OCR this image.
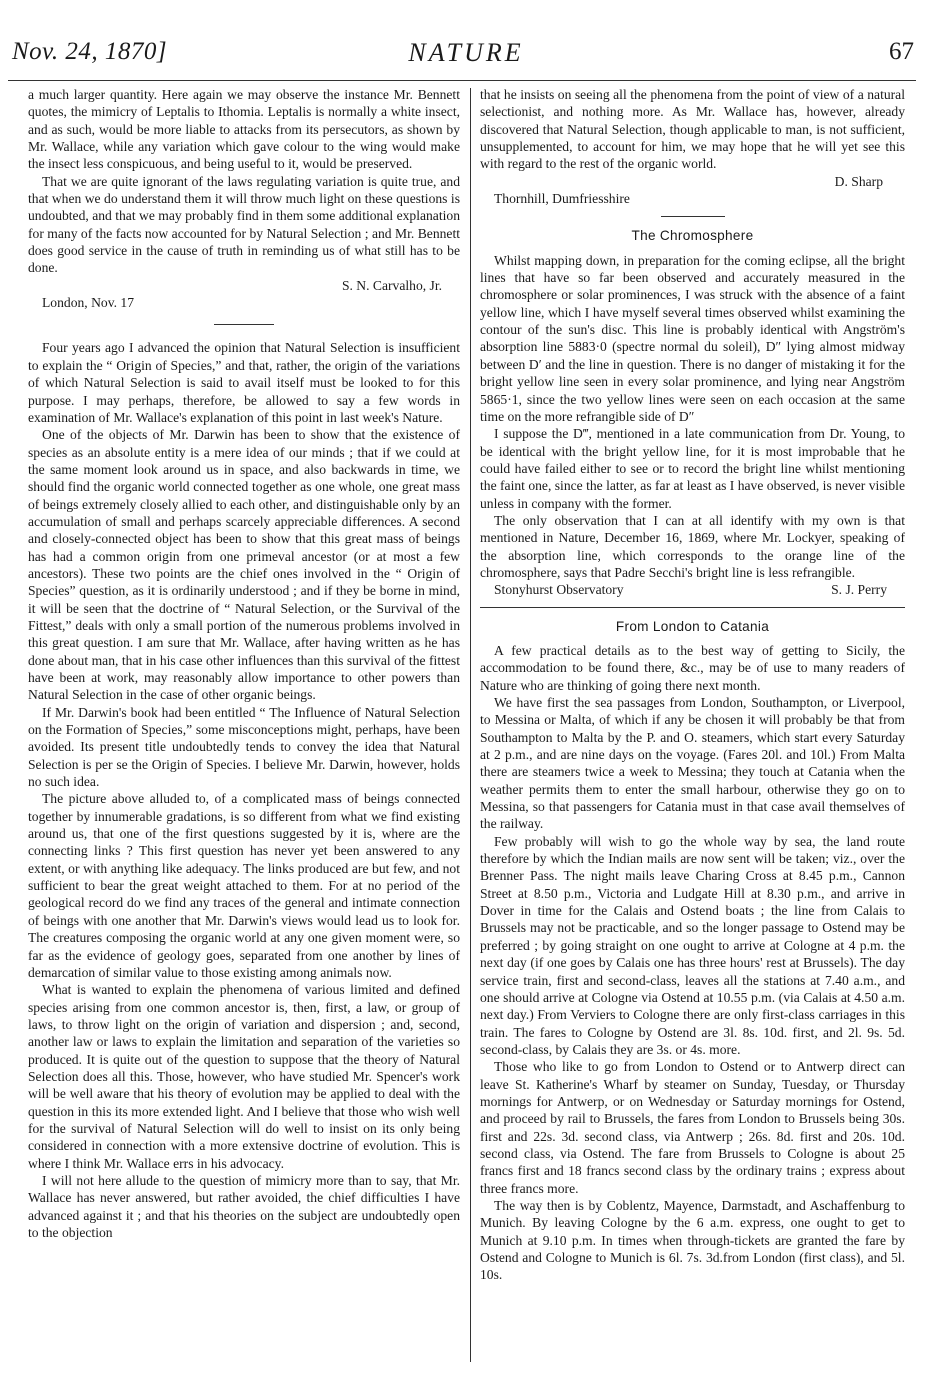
Nov. 24, 1870]	NATURE	67

a much larger quantity. Here again we may observe the instance Mr. Bennett quotes, the mimicry of Leptalis to Ithomia. Leptalis is normally a white insect, and as such, would be more liable to attacks from its persecutors, as shown by Mr. Wallace, while any variation which gave colour to the wing would make the insect less conspicuous, and being useful to it, would be preserved.

That we are quite ignorant of the laws regulating variation is quite true, and that when we do understand them it will throw much light on these questions is undoubted, and that we may probably find in them some additional explanation for many of the facts now accounted for by Natural Selection ; and Mr. Bennett does good service in the cause of truth in reminding us of what still has to be done.

S. N. Carvalho, Jr.

London, Nov. 17

Four years ago I advanced the opinion that Natural Selection is insufficient to explain the “ Origin of Species,” and that, rather, the origin of the variations of which Natural Selection is said to avail itself must be looked to for this purpose. I may perhaps, therefore, be allowed to say a few words in examination of Mr. Wallace's explanation of this point in last week's Nature.

One of the objects of Mr. Darwin has been to show that the existence of species as an absolute entity is a mere idea of our minds ; that if we could at the same moment look around us in space, and also backwards in time, we should find the organic world connected together as one whole, one great mass of beings extremely closely allied to each other, and distinguishable only by an accumulation of small and perhaps scarcely appreciable differences. A second and closely-connected object has been to show that this great mass of beings has had a common origin from one primeval ancestor (or at most a few ancestors). These two points are the chief ones involved in the “ Origin of Species” question, as it is ordinarily understood ; and if they be borne in mind, it will be seen that the doctrine of “ Natural Selection, or the Survival of the Fittest,” deals with only a small portion of the numerous problems involved in this great question. I am sure that Mr. Wallace, after having written as he has done about man, that in his case other influences than this survival of the fittest have been at work, may reasonably allow importance to other powers than Natural Selection in the case of other organic beings.

If Mr. Darwin's book had been entitled “ The Influence of Natural Selection on the Formation of Species,” some misconceptions might, perhaps, have been avoided. Its present title undoubtedly tends to convey the idea that Natural Selection is per se the Origin of Species. I believe Mr. Darwin, however, holds no such idea.

The picture above alluded to, of a complicated mass of beings connected together by innumerable gradations, is so different from what we find existing around us, that one of the first questions suggested by it is, where are the connecting links ? This first question has never yet been answered to any extent, or with anything like adequacy. The links produced are but few, and not sufficient to bear the great weight attached to them. For at no period of the geological record do we find any traces of the general and intimate connection of beings with one another that Mr. Darwin's views would lead us to look for. The creatures composing the organic world at any one given moment were, so far as the evidence of geology goes, separated from one another by lines of demarcation of similar value to those existing among animals now.

What is wanted to explain the phenomena of various limited and defined species arising from one common ancestor is, then, first, a law, or group of laws, to throw light on the origin of variation and dispersion ; and, second, another law or laws to explain the limitation and separation of the varieties so produced. It is quite out of the question to suppose that the theory of Natural Selection does all this. Those, however, who have studied Mr. Spencer's work will be well aware that his theory of evolution may be applied to deal with the question in this its more extended light. And I believe that those who wish well for the survival of Natural Selection will do well to insist on its only being considered in connection with a more extensive doctrine of evolution. This is where I think Mr. Wallace errs in his advocacy.

I will not here allude to the question of mimicry more than to say, that Mr. Wallace has never answered, but rather avoided, the chief difficulties I have advanced against it ; and that his theories on the subject are undoubtedly open to the objection

that he insists on seeing all the phenomena from the point of view of a natural selectionist, and nothing more. As Mr. Wallace has, however, already discovered that Natural Selection, though applicable to man, is not sufficient, unsupplemented, to account for him, we may hope that he will yet see this with regard to the rest of the organic world.

D. Sharp

Thornhill, Dumfriesshire

The Chromosphere

Whilst mapping down, in preparation for the coming eclipse, all the bright lines that have so far been observed and accurately measured in the chromosphere or solar prominences, I was struck with the absence of a faint yellow line, which I have myself several times observed whilst examining the contour of the sun's disc. This line is probably identical with Angström's absorption line 5883·0 (spectre normal du soleil), D″ lying almost midway between D′ and the line in question. There is no danger of mistaking it for the bright yellow line seen in every solar prominence, and lying near Angström 5865·1, since the two yellow lines were seen on each occasion at the same time on the more refrangible side of D″

I suppose the D‴, mentioned in a late communication from Dr. Young, to be identical with the bright yellow line, for it is most improbable that he could have failed either to see or to record the bright line whilst mentioning the faint one, since the latter, as far at least as I have observed, is never visible unless in company with the former.

The only observation that I can at all identify with my own is that mentioned in Nature, December 16, 1869, where Mr. Lockyer, speaking of the absorption line, which corresponds to the orange line of the chromosphere, says that Padre Secchi's bright line is less refrangible.

Stonyhurst Observatory	S. J. Perry

From London to Catania

A few practical details as to the best way of getting to Sicily, the accommodation to be found there, &c., may be of use to many readers of Nature who are thinking of going there next month.

We have first the sea passages from London, Southampton, or Liverpool, to Messina or Malta, of which if any be chosen it will probably be that from Southampton to Malta by the P. and O. steamers, which start every Saturday at 2 p.m., and are nine days on the voyage. (Fares 20l. and 10l.) From Malta there are steamers twice a week to Messina; they touch at Catania when the weather permits them to enter the small harbour, otherwise they go on to Messina, so that passengers for Catania must in that case avail themselves of the railway.

Few probably will wish to go the whole way by sea, the land route therefore by which the Indian mails are now sent will be taken; viz., over the Brenner Pass. The night mails leave Charing Cross at 8.45 p.m., Cannon Street at 8.50 p.m., Victoria and Ludgate Hill at 8.30 p.m., and arrive in Dover in time for the Calais and Ostend boats ; the line from Calais to Brussels may not be practicable, and so the longer passage to Ostend may be preferred ; by going straight on one ought to arrive at Cologne at 4 p.m. the next day (if one goes by Calais one has three hours' rest at Brussels). The day service train, first and second-class, leaves all the stations at 7.40 a.m., and one should arrive at Cologne via Ostend at 10.55 p.m. (via Calais at 4.50 a.m. next day.) From Verviers to Cologne there are only first-class carriages in this train. The fares to Cologne by Ostend are 3l. 8s. 10d. first, and 2l. 9s. 5d. second-class, by Calais they are 3s. or 4s. more.

Those who like to go from London to Ostend or to Antwerp direct can leave St. Katherine's Wharf by steamer on Sunday, Tuesday, or Thursday mornings for Antwerp, or on Wednesday or Saturday mornings for Ostend, and proceed by rail to Brussels, the fares from London to Brussels being 30s. first and 22s. 3d. second class, via Antwerp ; 26s. 8d. first and 20s. 10d. second class, via Ostend. The fare from Brussels to Cologne is about 25 francs first and 18 francs second class by the ordinary trains ; express about three francs more.

The way then is by Coblentz, Mayence, Darmstadt, and Aschaffenburg to Munich. By leaving Cologne by the 6 a.m. express, one ought to get to Munich at 9.10 p.m. In times when through-tickets are granted the fare by Ostend and Cologne to Munich is 6l. 7s. 3d.from London (first class), and 5l. 10s.
